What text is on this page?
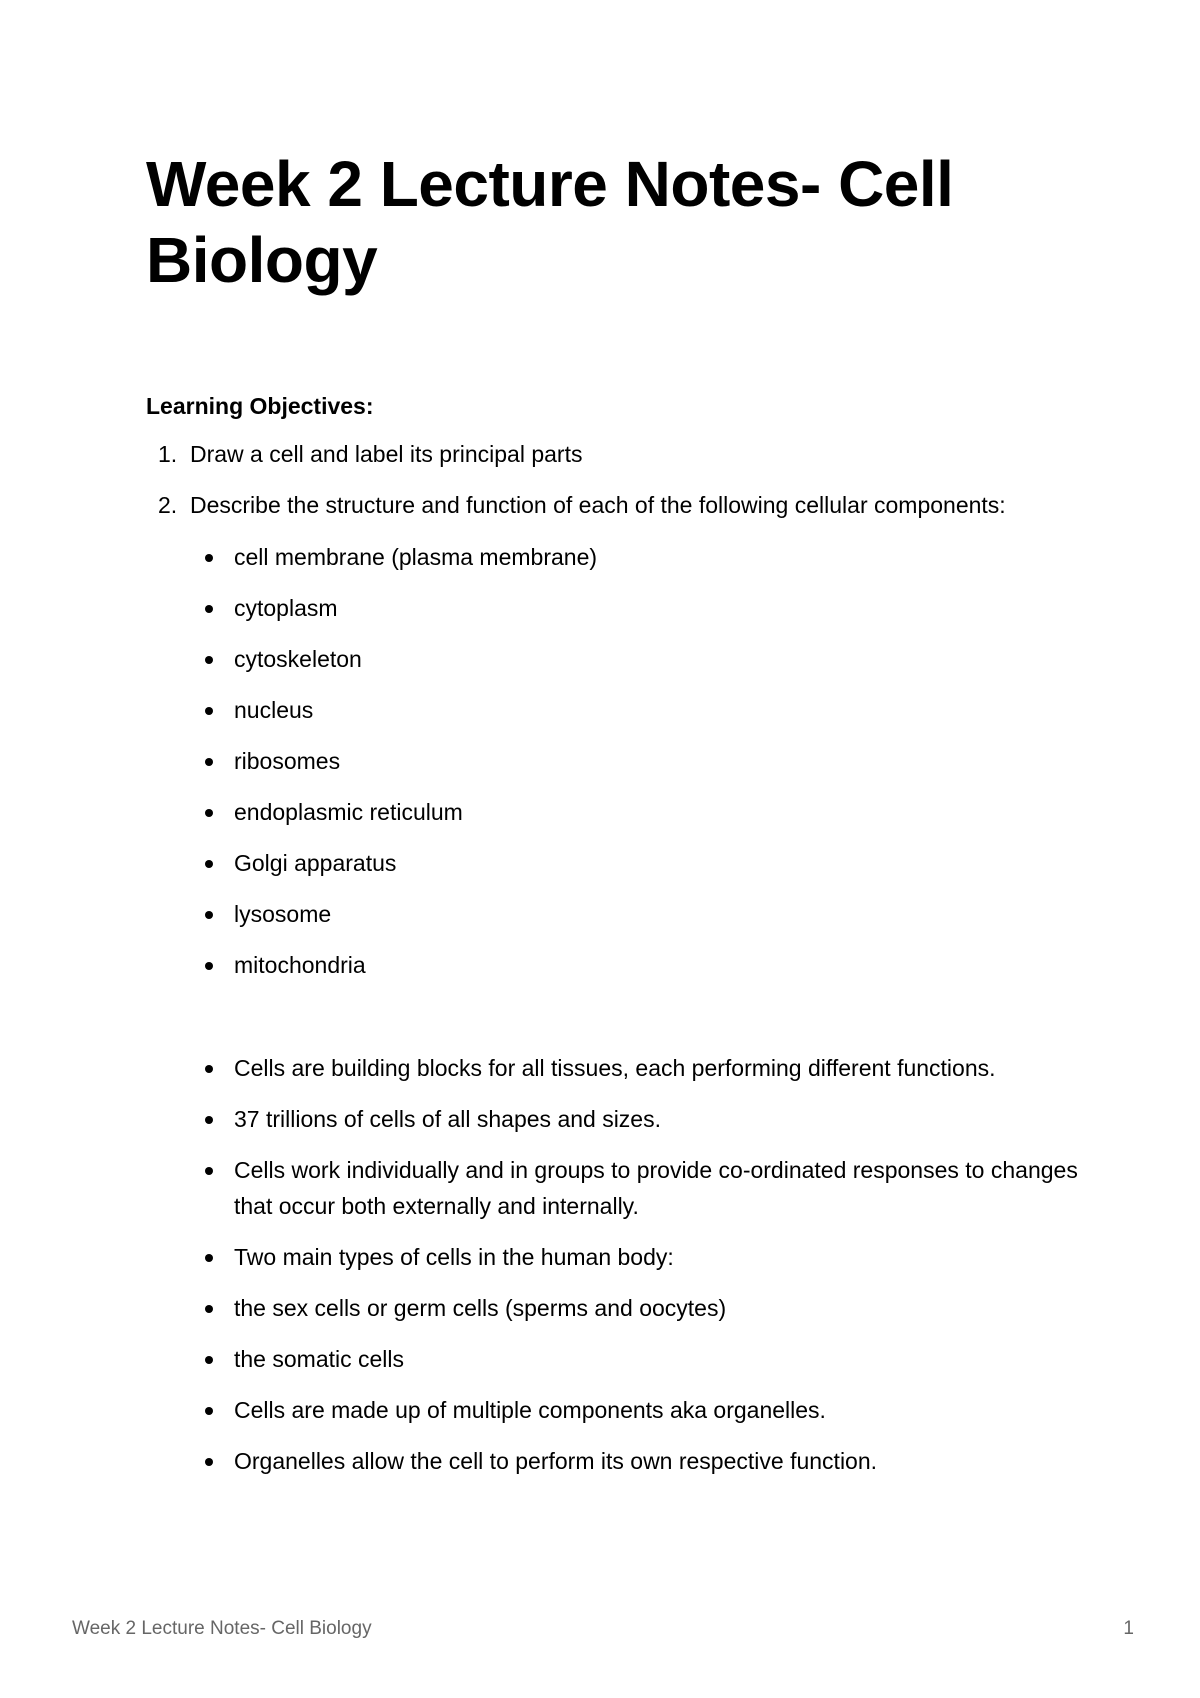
Week 2 Lecture Notes- Cell Biology
Learning Objectives:
1. Draw a cell and label its principal parts
2. Describe the structure and function of each of the following cellular components:
cell membrane (plasma membrane)
cytoplasm
cytoskeleton
nucleus
ribosomes
endoplasmic reticulum
Golgi apparatus
lysosome
mitochondria
Cells are building blocks for all tissues, each performing different functions.
37 trillions of cells of all shapes and sizes.
Cells work individually and in groups to provide co-ordinated responses to changes that occur both externally and internally.
Two main types of cells in the human body:
the sex cells or germ cells (sperms and oocytes)
the somatic cells
Cells are made up of multiple components aka organelles.
Organelles allow the cell to perform its own respective function.
Week 2 Lecture Notes- Cell Biology	1
